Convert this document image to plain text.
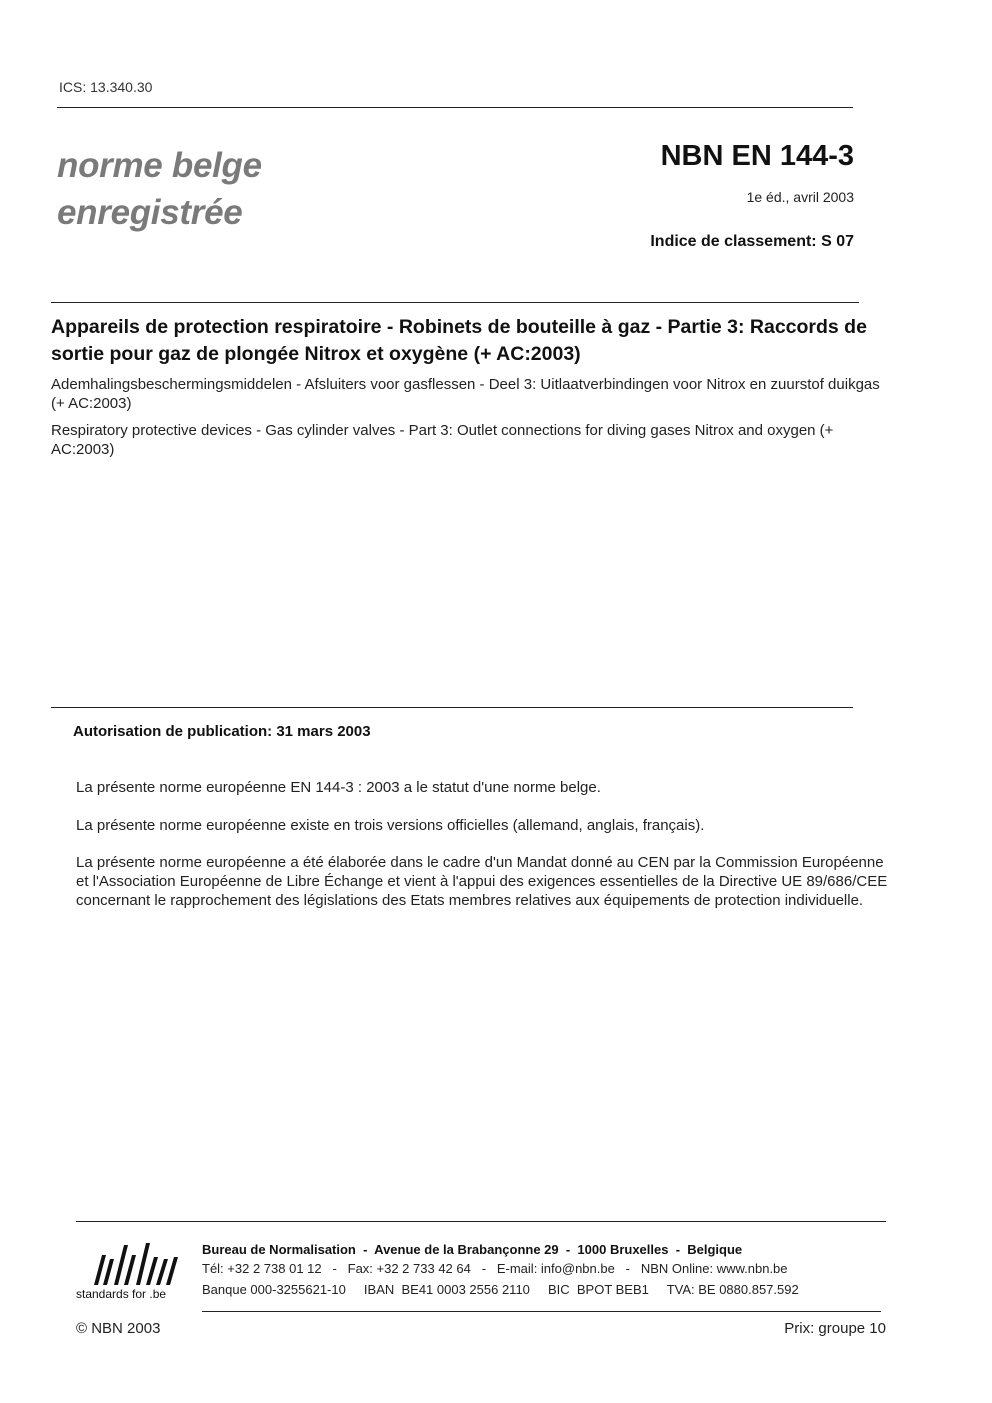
ICS: 13.340.30
norme belge
enregistrée
NBN EN 144-3
1e éd., avril 2003
Indice de classement: S 07
Appareils de protection respiratoire - Robinets de bouteille à gaz - Partie 3: Raccords de sortie pour gaz de plongée Nitrox et oxygène (+ AC:2003)
Ademhalingsbeschermingsmiddelen - Afsluiters voor gasflessen - Deel 3: Uitlaatverbindingen voor Nitrox en zuurstof duikgas (+ AC:2003)
Respiratory protective devices - Gas cylinder valves - Part 3: Outlet connections for diving gases Nitrox and oxygen (+ AC:2003)
Autorisation de publication: 31 mars 2003
La présente norme européenne EN 144-3 : 2003 a le statut d'une norme belge.
La présente norme européenne existe en trois versions officielles (allemand, anglais, français).
La présente norme européenne a été élaborée dans le cadre d'un Mandat donné au CEN par la Commission Européenne et l'Association Européenne de Libre Échange et vient à l'appui des exigences essentielles de la Directive UE 89/686/CEE concernant le rapprochement des législations des Etats membres relatives aux équipements de protection individuelle.
standards for .be
Bureau de Normalisation  -  Avenue de la Brabançonne 29  -  1000 Bruxelles  -  Belgique
Tél: +32 2 738 01 12   -   Fax: +32 2 733 42 64   -   E-mail: info@nbn.be   -   NBN Online: www.nbn.be
Banque 000-3255621-10     IBAN  BE41 0003 2556 2110     BIC  BPOT BEB1     TVA: BE 0880.857.592
© NBN 2003	Prix: groupe 10
